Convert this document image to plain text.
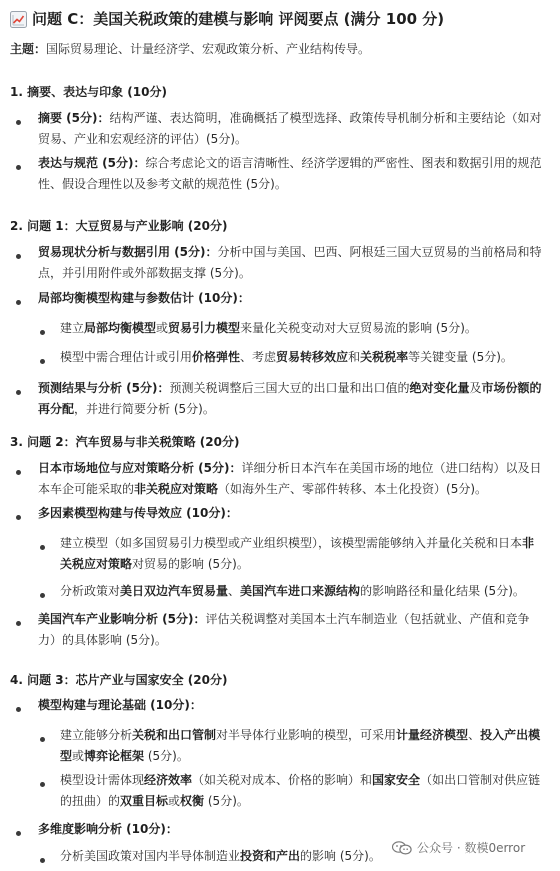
问题 C：美国关税政策的建模与影响 评阅要点 (满分 100 分)
主题：国际贸易理论、计量经济学、宏观政策分析、产业结构传导。
1. 摘要、表达与印象 (10分)
摘要 (5分)：结构严谨、表达简明，准确概括了模型选择、政策传导机制分析和主要结论（如对
贸易、产业和宏观经济的评估）(5分)。
表达与规范 (5分)：综合考虑论文的语言清晰性、经济学逻辑的严密性、图表和数据引用的规范
性、假设合理性以及参考文献的规范性 (5分)。
2. 问题 1：大豆贸易与产业影响 (20分)
贸易现状分析与数据引用 (5分)：分析中国与美国、巴西、阿根廷三国大豆贸易的当前格局和特
点，并引用附件或外部数据支撑 (5分)。
局部均衡模型构建与参数估计 (10分)：
建立局部均衡模型或贸易引力模型来量化关税变动对大豆贸易流的影响 (5分)。
模型中需合理估计或引用价格弹性、考虑贸易转移效应和关税税率等关键变量 (5分)。
预测结果与分析 (5分)：预测关税调整后三国大豆的出口量和出口值的绝对变化量及市场份额的
再分配，并进行简要分析 (5分)。
3. 问题 2：汽车贸易与非关税策略 (20分)
日本市场地位与应对策略分析 (5分)：详细分析日本汽车在美国市场的地位（进口结构）以及日
本车企可能采取的非关税应对策略（如海外生产、零部件转移、本土化投资）(5分)。
多因素模型构建与传导效应 (10分)：
建立模型（如多国贸易引力模型或产业组织模型），该模型需能够纳入并量化关税和日本非
关税应对策略对贸易的影响 (5分)。
分析政策对美日双边汽车贸易量、美国汽车进口来源结构的影响路径和量化结果 (5分)。
美国汽车产业影响分析 (5分)：评估关税调整对美国本土汽车制造业（包括就业、产值和竞争
力）的具体影响 (5分)。
4. 问题 3：芯片产业与国家安全 (20分)
模型构建与理论基础 (10分)：
建立能够分析关税和出口管制对半导体行业影响的模型，可采用计量经济模型、投入产出模
型或博弈论框架 (5分)。
模型设计需体现经济效率（如关税对成本、价格的影响）和国家安全（如出口管制对供应链
的扭曲）的双重目标或权衡 (5分)。
多维度影响分析 (10分)：
分析美国政策对国内半导体制造业投资和产出的影响 (5分)。
公众号 · 数模0error
